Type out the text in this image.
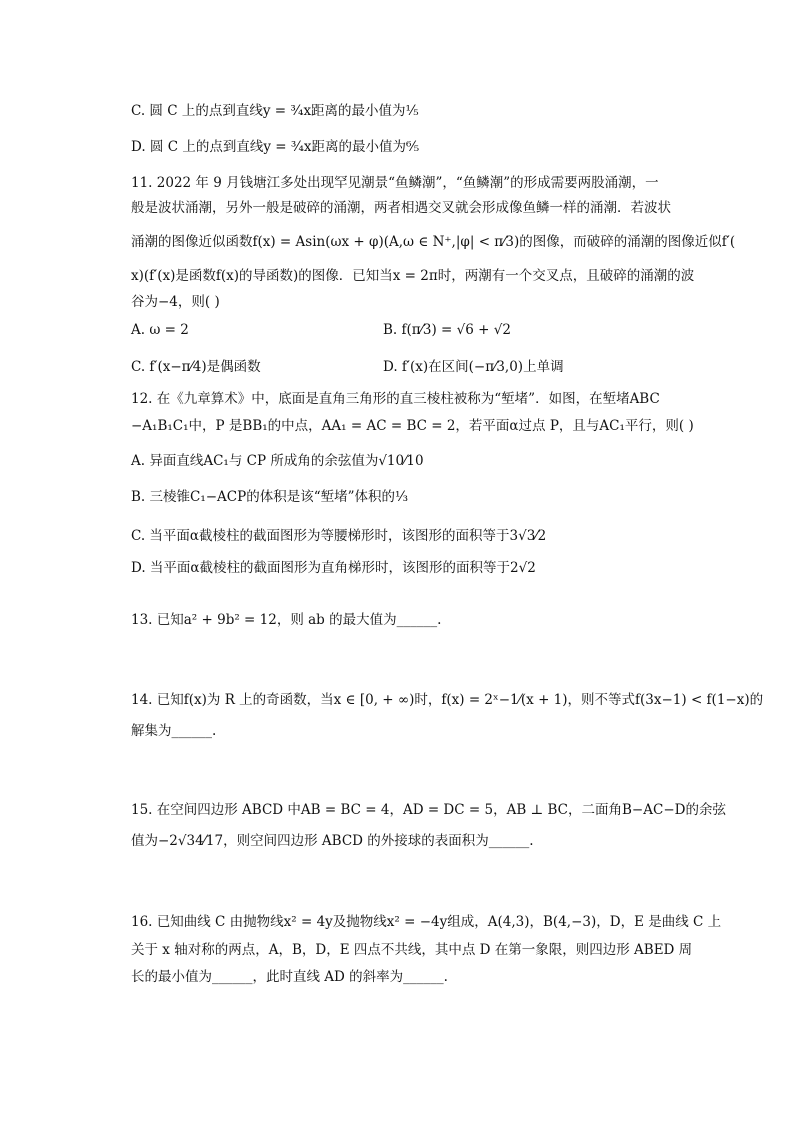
C. 圆 C 上的点到直线y = ³⁄₄x距离的最小值为¹⁄₅
D. 圆 C 上的点到直线y = ³⁄₄x距离的最小值为⁶⁄₅
11. 2022 年 9 月钱塘江多处出现罕见潮景“鱼鳞潮”，“鱼鳞潮”的形成需要两股涌潮，一
般是波状涌潮，另外一般是破碎的涌潮，两者相遇交叉就会形成像鱼鳞一样的涌潮．若波状
涌潮的图像近似函数f(x) = Asin(ωx + φ)(A,ω ∈ N⁺,|φ| < π⁄3)的图像，而破碎的涌潮的图像近似f′(
x)(f′(x)是函数f(x)的导函数)的图像．已知当x = 2π时，两潮有一个交叉点，且破碎的涌潮的波
谷为−4，则( )
A. ω = 2	B. f(π⁄3) = √6 + √2
C. f′(x−π⁄4)是偶函数	D. f′(x)在区间(−π⁄3,0)上单调
12. 在《九章算术》中，底面是直角三角形的直三棱柱被称为“堑堵”．如图，在堑堵ABC
−A₁B₁C₁中，P 是BB₁的中点，AA₁ = AC = BC = 2，若平面α过点 P，且与AC₁平行，则( )
A. 异面直线AC₁与 CP 所成角的余弦值为√10⁄10
B. 三棱锥C₁−ACP的体积是该“堑堵”体积的¹⁄₃
C. 当平面α截棱柱的截面图形为等腰梯形时，该图形的面积等于3√3⁄2
D. 当平面α截棱柱的截面图形为直角梯形时，该图形的面积等于2√2
13. 已知a² + 9b² = 12，则 ab 的最大值为______.
14. 已知f(x)为 R 上的奇函数，当x ∈ [0, + ∞)时，f(x) = 2ˣ−1⁄(x + 1)，则不等式f(3x−1) < f(1−x)的
解集为______.
15. 在空间四边形 ABCD 中AB = BC = 4，AD = DC = 5，AB ⊥ BC，二面角B−AC−D的余弦
值为−2√34⁄17，则空间四边形 ABCD 的外接球的表面积为______.
16. 已知曲线 C 由抛物线x² = 4y及抛物线x² = −4y组成，A(4,3)，B(4,−3)，D，E 是曲线 C 上
关于 x 轴对称的两点，A，B，D，E 四点不共线，其中点 D 在第一象限，则四边形 ABED 周
长的最小值为______，此时直线 AD 的斜率为______.
